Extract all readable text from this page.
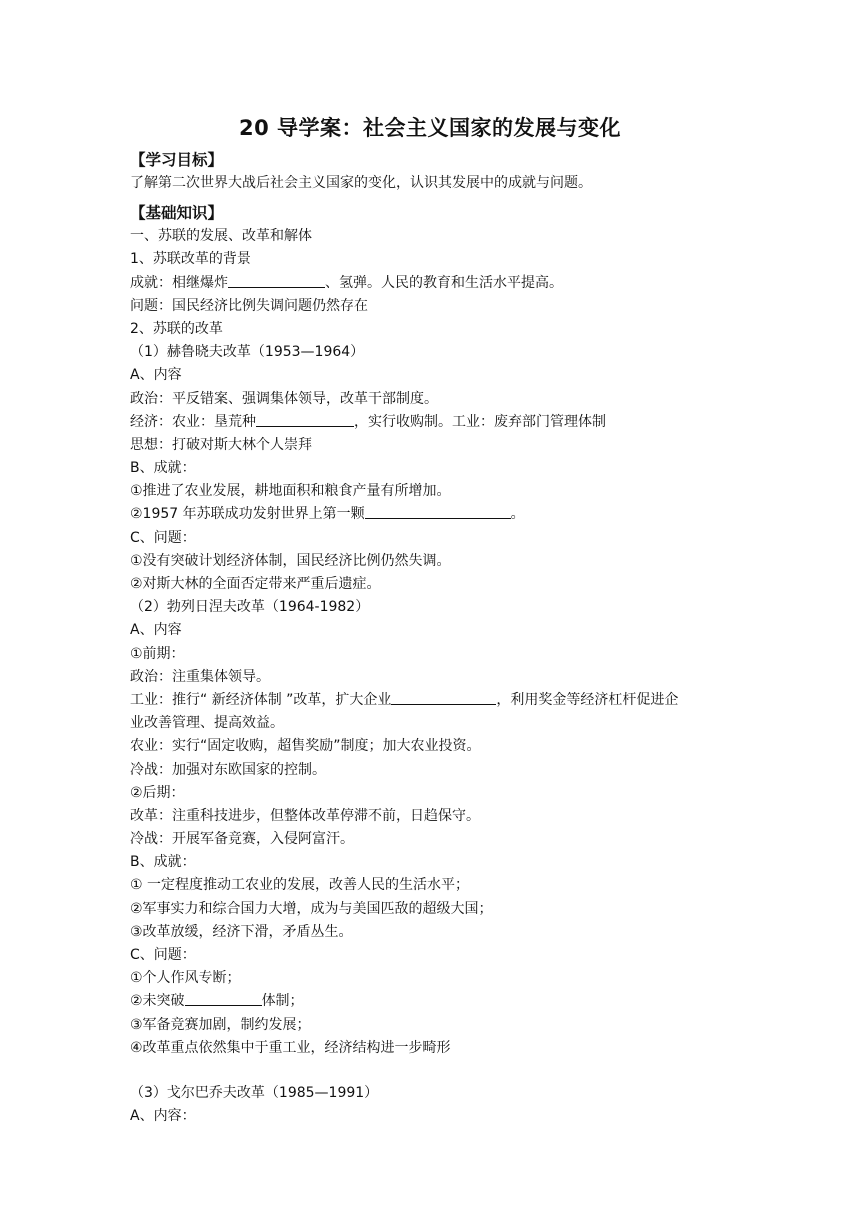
20 导学案：社会主义国家的发展与变化
【学习目标】
了解第二次世界大战后社会主义国家的变化，认识其发展中的成就与问题。
【基础知识】
一、苏联的发展、改革和解体
1、苏联改革的背景
成就：相继爆炸	、氢弹。人民的教育和生活水平提高。
问题：国民经济比例失调问题仍然存在
2、苏联的改革
（1）赫鲁晓夫改革（1953—1964）
A、内容
政治：平反错案、强调集体领导，改革干部制度。
经济：农业：垦荒种	，实行收购制。工业：废弃部门管理体制
思想：打破对斯大林个人崇拜
B、成就：
①推进了农业发展，耕地面积和粮食产量有所增加。
②1957 年苏联成功发射世界上第一颗	。
C、问题：
①没有突破计划经济体制，国民经济比例仍然失调。
②对斯大林的全面否定带来严重后遗症。
（2）勃列日涅夫改革（1964-1982）
A、内容
①前期：
政治：注重集体领导。
工业：推行“ 新经济体制 ”改革，扩大企业	，利用奖金等经济杠杆促进企
业改善管理、提高效益。
农业：实行“固定收购，超售奖励”制度；加大农业投资。
冷战：加强对东欧国家的控制。
②后期：
改革：注重科技进步，但整体改革停滞不前，日趋保守。
冷战：开展军备竞赛，入侵阿富汗。
B、成就：
① 一定程度推动工农业的发展，改善人民的生活水平；
②军事实力和综合国力大增，成为与美国匹敌的超级大国；
③改革放缓，经济下滑，矛盾丛生。
C、问题：
①个人作风专断；
②未突破	体制；
③军备竞赛加剧，制约发展；
④改革重点依然集中于重工业，经济结构进一步畸形
（3）戈尔巴乔夫改革（1985—1991）
A、内容：
